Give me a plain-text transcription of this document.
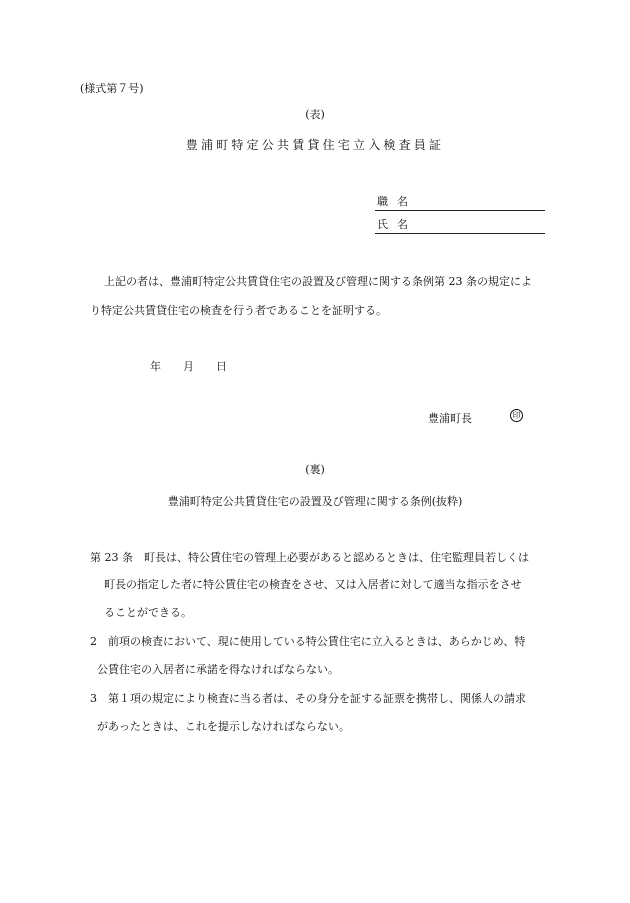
(様式第７号)
(表)
豊浦町特定公共賃貸住宅立入検査員証
職名
氏名
上記の者は、豊浦町特定公共賃貸住宅の設置及び管理に関する条例第 23 条の規定によ
り特定公共賃貸住宅の検査を行う者であることを証明する。
年 月 日
豊浦町長	印
(裏)
豊浦町特定公共賃貸住宅の設置及び管理に関する条例(抜粋)
第 23 条　町長は、特公賃住宅の管理上必要があると認めるときは、住宅監理員若しくは
町長の指定した者に特公賃住宅の検査をさせ、又は入居者に対して適当な指示をさせ
ることができる。
2　前項の検査において、現に使用している特公賃住宅に立入るときは、あらかじめ、特
公賃住宅の入居者に承諾を得なければならない。
3　第１項の規定により検査に当る者は、その身分を証する証票を携帯し、関係人の請求
があったときは、これを提示しなければならない。
